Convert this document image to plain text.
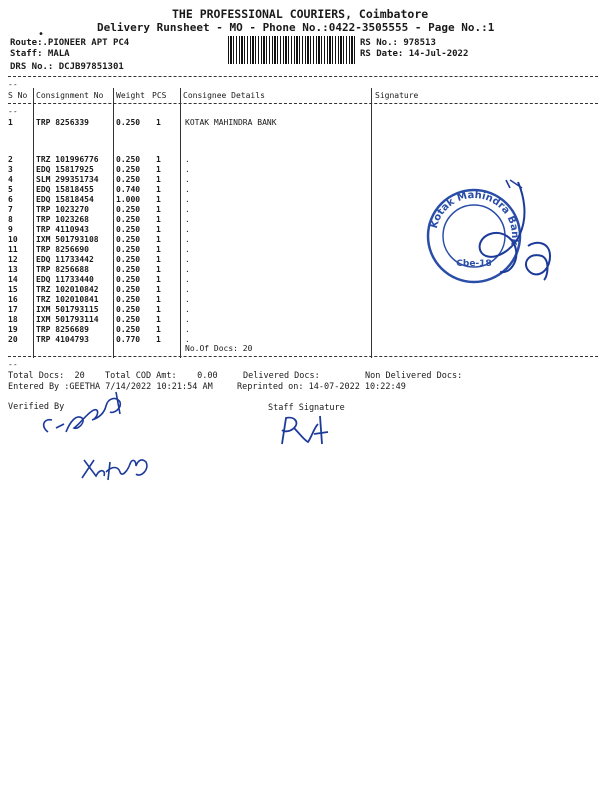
THE PROFESSIONAL COURIERS, Coimbatore
•
Delivery Runsheet - MO - Phone No.:0422-3505555 - Page No.:1
Route:.PIONEER APT PC4
Staff: MALA
DRS No.: DCJB97851301
RS No.: 978513
RS Date: 14-Jul-2022
--
S No Consignment No Weight PCS Consignee Details	Signature
--
1	TRP 8256339	0.250 1	KOTAK MAHINDRA BANK
2	TRZ 101996776 0.250 1	.
3	EDQ 15817925	0.250 1	.
4	SLM 299351734 0.250 1	.
5	EDQ 15818455	0.740 1	.
6	EDQ 15818454	1.000 1	.
7	TRP 1023270	0.250 1	.
8	TRP 1023268	0.250 1	.
9	TRP 4110943	0.250 1	.
10 IXM 501793108 0.250 1	.
11 TRP 8256690	0.250 1	.
12 EDQ 11733442	0.250 1	.
13 TRP 8256688	0.250 1	.
14 EDQ 11733440	0.250 1	.
15 TRZ 102010842 0.250 1	.
16 TRZ 102010841 0.250 1	.
17 IXM 501793115 0.250 1	.
18 IXM 501793114 0.250 1	.
19 TRP 8256689	0.250 1	.
20 TRP 4104793	0.770 1	.
No.Of Docs: 20
--
Total Docs:  20 Total COD Amt:    0.00	Delivered Docs:	Non Delivered Docs:
Entered By :GEETHA 7/14/2022 10:21:54 AM	Reprinted on: 14-07-2022 10:22:49
Verified By	Staff Signature
Kotak Mahindra Bank
Cbe-18
